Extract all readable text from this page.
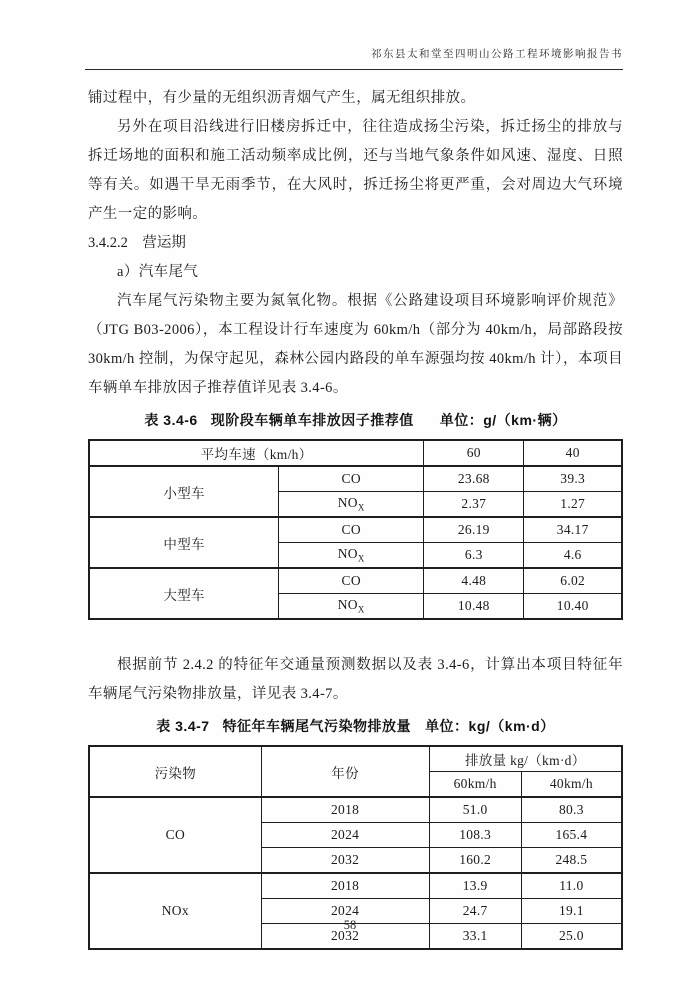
祁东县太和堂至四明山公路工程环境影响报告书

铺过程中，有少量的无组织沥青烟气产生，属无组织排放。

另外在项目沿线进行旧楼房拆迁中，往往造成扬尘污染，拆迁扬尘的排放与拆迁场地的面积和施工活动频率成比例，还与当地气象条件如风速、湿度、日照等有关。如遇干旱无雨季节，在大风时，拆迁扬尘将更严重，会对周边大气环境产生一定的影响。

3.4.2.2　营运期

a）汽车尾气

汽车尾气污染物主要为氮氧化物。根据《公路建设项目环境影响评价规范》（JTG B03-2006），本工程设计行车速度为 60km/h（部分为 40km/h，局部路段按 30km/h 控制，为保守起见，森林公园内路段的单车源强均按 40km/h 计），本项目车辆单车排放因子推荐值详见表 3.4-6。

表 3.4-6 现阶段车辆单车排放因子推荐值 单位：g/（km·辆）
平均车速（km/h）		60	40
小型车	CO	23.68	39.3
	$NO_X$	2.37	1.27
中型车	CO	26.19	34.17
	$NO_X$	6.3	4.6
大型车	CO	4.48	6.02
	$NO_X$	10.48	10.40

根据前节 2.4.2 的特征年交通量预测数据以及表 3.4-6，计算出本项目特征年车辆尾气污染物排放量，详见表 3.4-7。

表 3.4-7 特征年车辆尾气污染物排放量 单位：kg/（km·d）
污染物	年份	排放量 kg/（km·d）	
		60km/h	40km/h
CO	2018	51.0	80.3
	2024	108.3	165.4
	2032	160.2	248.5
NOx	2018	13.9	11.0
	2024	24.7	19.1
	2032	33.1	25.0
58
